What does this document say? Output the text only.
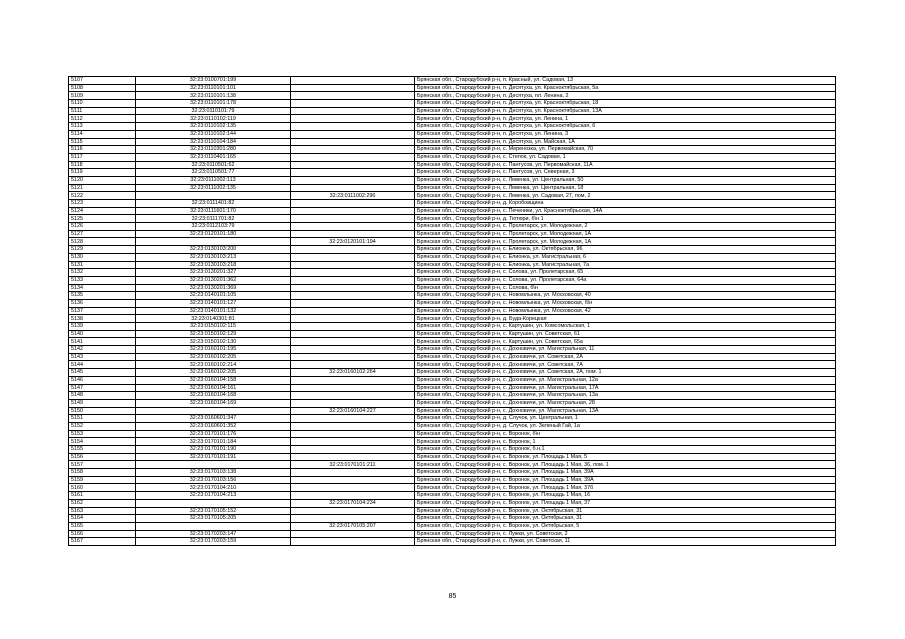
5107	32:23:0100701:199		Брянская обл., Стародубский р-н, п. Красный, ул. Садовая, 13
5108	32:23:0110101:101		Брянская обл., Стародубский р-н, п. Десятуха, ул. Красноктябрьская, 5а
5109	32:23:0110101:138		Брянская обл., Стародубский р-н, п. Десятуха, пл. Ленина, 2
5110	32:23:0110101:178		Брянская обл., Стародубский р-н, п. Десятуха, ул. Красноктябрьская, 18
5111	32:23:0110101:79		Брянская обл., Стародубский р-н, п. Десятуха, ул. Красноктябрьская, 13А
5112	32:23:0110102:119		Брянская обл., Стародубский р-н, п. Десятуха, ул. Ленина, 1
5113	32:23:0110102:135		Брянская обл., Стародубский р-н, п. Десятуха, ул. Красноктябрьская, 6
5114	32:23:0110102:144		Брянская обл., Стародубский р-н, п. Десятуха, ул. Ленина, 3
5115	32:23:0110104:184		Брянская обл., Стародубский р-н, п. Десятуха, ул. Майская, 1А
5116	32:23:0110301:280		Брянская обл., Стародубский р-н, с. Меренозка, ул. Первомайская, 70
5117	32:23:0110401:165		Брянская обл., Стародубский р-н, с. Степок, ул. Садовая, 1
5118	32:23:0110501:62		Брянская обл., Стародубский р-н, с. Пантусов, ул. Первомайская, 11А
5119	32:23:0110501:77		Брянская обл., Стародубский р-н, с. Пантусов, ул. Северная, 3
5120	32:23:0111002:113		Брянская обл., Стародубский р-н, с. Левенка, ул. Центральная, 50
5121	32:23:0111002:135		Брянская обл., Стародубский р-н, с. Левенка, ул. Центральная, 18
5122		32:23:0111002:296	Брянская обл., Стародубский р-н, с. Левенка, ул. Садовая, 27, пом. 2
5123	32:23:0111401:82		Брянская обл., Стародубский р-н, д. Коробовщина
5124	32:23:0111601:170		Брянская обл., Стародубский р-н, с. Печеники, ул. Красноктябрьская, 14А
5125	32:23:0111701:82		Брянская обл., Стародубский р-н, д. Тютюри, б\н 1
5126	32:23:0112103:79		Брянская обл., Стародубский р-н, с. Пролетарск, ул. Молодежная, 2
5127	32:23:0120101:180		Брянская обл., Стародубский р-н, с. Пролетарск, ул. Молодежная, 1А
5128		32:23:0120101:194	Брянская обл., Стародубский р-н, с. Пролетарск, ул. Молодежная, 1А
5129	32:23:0130103:200		Брянская обл., Стародубский р-н, с. Елионка, ул. Октябрьская, 96
5130	32:23:0130103:213		Брянская обл., Стародубский р-н, с. Елионка, ул. Магистральная, 6
5131	32:23:0130103:218		Брянская обл., Стародубский р-н, с. Елионка, ул. Магистральная, 7а
5132	32:23:0130201:327		Брянская обл., Стародубский р-н, с. Солова, ул. Пролетарская, 65
5133	32:23:0130201:362		Брянская обл., Стародубский р-н, с. Солова, ул. Пролетарская, 64а
5134	32:23:0130201:369		Брянская обл., Стародубский р-н, с. Солова, б\н
5135	32:23:0140101:105		Брянская обл., Стародубский р-н, с. Новомлынка, ул. Московская, 40
5136	32:23:0140101:127		Брянская обл., Стародубский р-н, с. Новомлынка, ул. Московская, б\н
5137	32:23:0140101:132		Брянская обл., Стародубский р-н, с. Новомлынка, ул. Московская, 42
5138	32:23:0140301:81		Брянская обл., Стародубский р-н, д. Буда-Корецкая
5139	32:23:0150102:115		Брянская обл., Стародубский р-н, с. Картушин, ул. Комсомольская, 1
5140	32:23:0150102:129		Брянская обл., Стародубский р-н, с. Картушин, ул. Советская, 61
5141	32:23:0150102:130		Брянская обл., Стародубский р-н, с. Картушин, ул. Советская, 65а
5142	32:23:0160101:195		Брянская обл., Стародубский р-н, с. Дохновичи, ул. Магистральная, 11
5143	32:23:0160102:205		Брянская обл., Стародубский р-н, с. Дохновичи, ул. Советская, 2А
5144	32:23:0160102:214		Брянская обл., Стародубский р-н, с. Дохновичи, ул. Советская, 7А
5145	32:23:0160102:205	32:23:0160102:264	Брянская обл., Стародубский р-н, с. Дохновичи, ул. Советская, 2А, пом. 1
5146	32:23:0160104:158		Брянская обл., Стародубский р-н, с. Дохновичи, ул. Магистральная, 12а
5147	32:23:0160104:161		Брянская обл., Стародубский р-н, с. Дохновичи, ул. Магистральная, 17А
5148	32:23:0160104:168		Брянская обл., Стародубский р-н, с. Дохновичи, ул. Магистральная, 13а
5149	32:23:0160104:169		Брянская обл., Стародубский р-н, с. Дохновичи, ул. Магистральная, 28
5150		32:23:0160104:227	Брянская обл., Стародубский р-н, с. Дохновичи, ул. Магистральная, 13А
5151	32:23:0160601:347		Брянская обл., Стародубский р-н, д. Случок, ул. Центральная, 1
5152	32:23:0160601:352		Брянская обл., Стародубский р-н, д. Случок, ул. Зеленый Гай, 1а
5153	32:23:0170101:176		Брянская обл., Стародубский р-н, с. Воронок, б\н
5154	32:23:0170101:184		Брянская обл., Стародубский р-н, с. Воронок, 1
5155	32:23:0170101:190		Брянская обл., Стародубский р-н, с. Воронок, б.н.1
5156	32:23:0170101:191		Брянская обл., Стародубский р-н, с. Воронок, ул. Площадь 1 Мая, 5
5157		32:23:0170101:211	Брянская обл., Стародубский р-н, с. Воронок, ул. Площадь 1 Мая, 36, пом. 1
5158	32:23:0170103:138		Брянская обл., Стародубский р-н, с. Воронок, ул. Площадь 1 Мая, 39А
5159	32:23:0170103:156		Брянская обл., Стародубский р-н, с. Воронок, ул. Площадь 1 Мая, 39А
5160	32:23:0170104:210		Брянская обл., Стародубский р-н, с. Воронок, ул. Площадь 1 Мая, 37б
5161	32:23:0170104:213		Брянская обл., Стародубский р-н, с. Воронок, ул. Площадь 1 Мая, 16
5162		32:23:0170104:234	Брянская обл., Стародубский р-н, с. Воронок, ул. Площадь 1 Мая, 37
5163	32:23:0170105:152		Брянская обл., Стародубский р-н, с. Воронок, ул. Октябрьская, 31
5164	32:23:0170105:205		Брянская обл., Стародубский р-н, с. Воронок, ул. Октябрьская, 31
5165		32:23:0170105:207	Брянская обл., Стародубский р-н, с. Воронок, ул. Октябрьская, 5
5166	32:23:0170203:147		Брянская обл., Стародубский р-н, с. Лужки, ул. Советская, 2
5167	32:23:0170203:159		Брянская обл., Стародубский р-н, с. Лужки, ул. Советская, 11
85
